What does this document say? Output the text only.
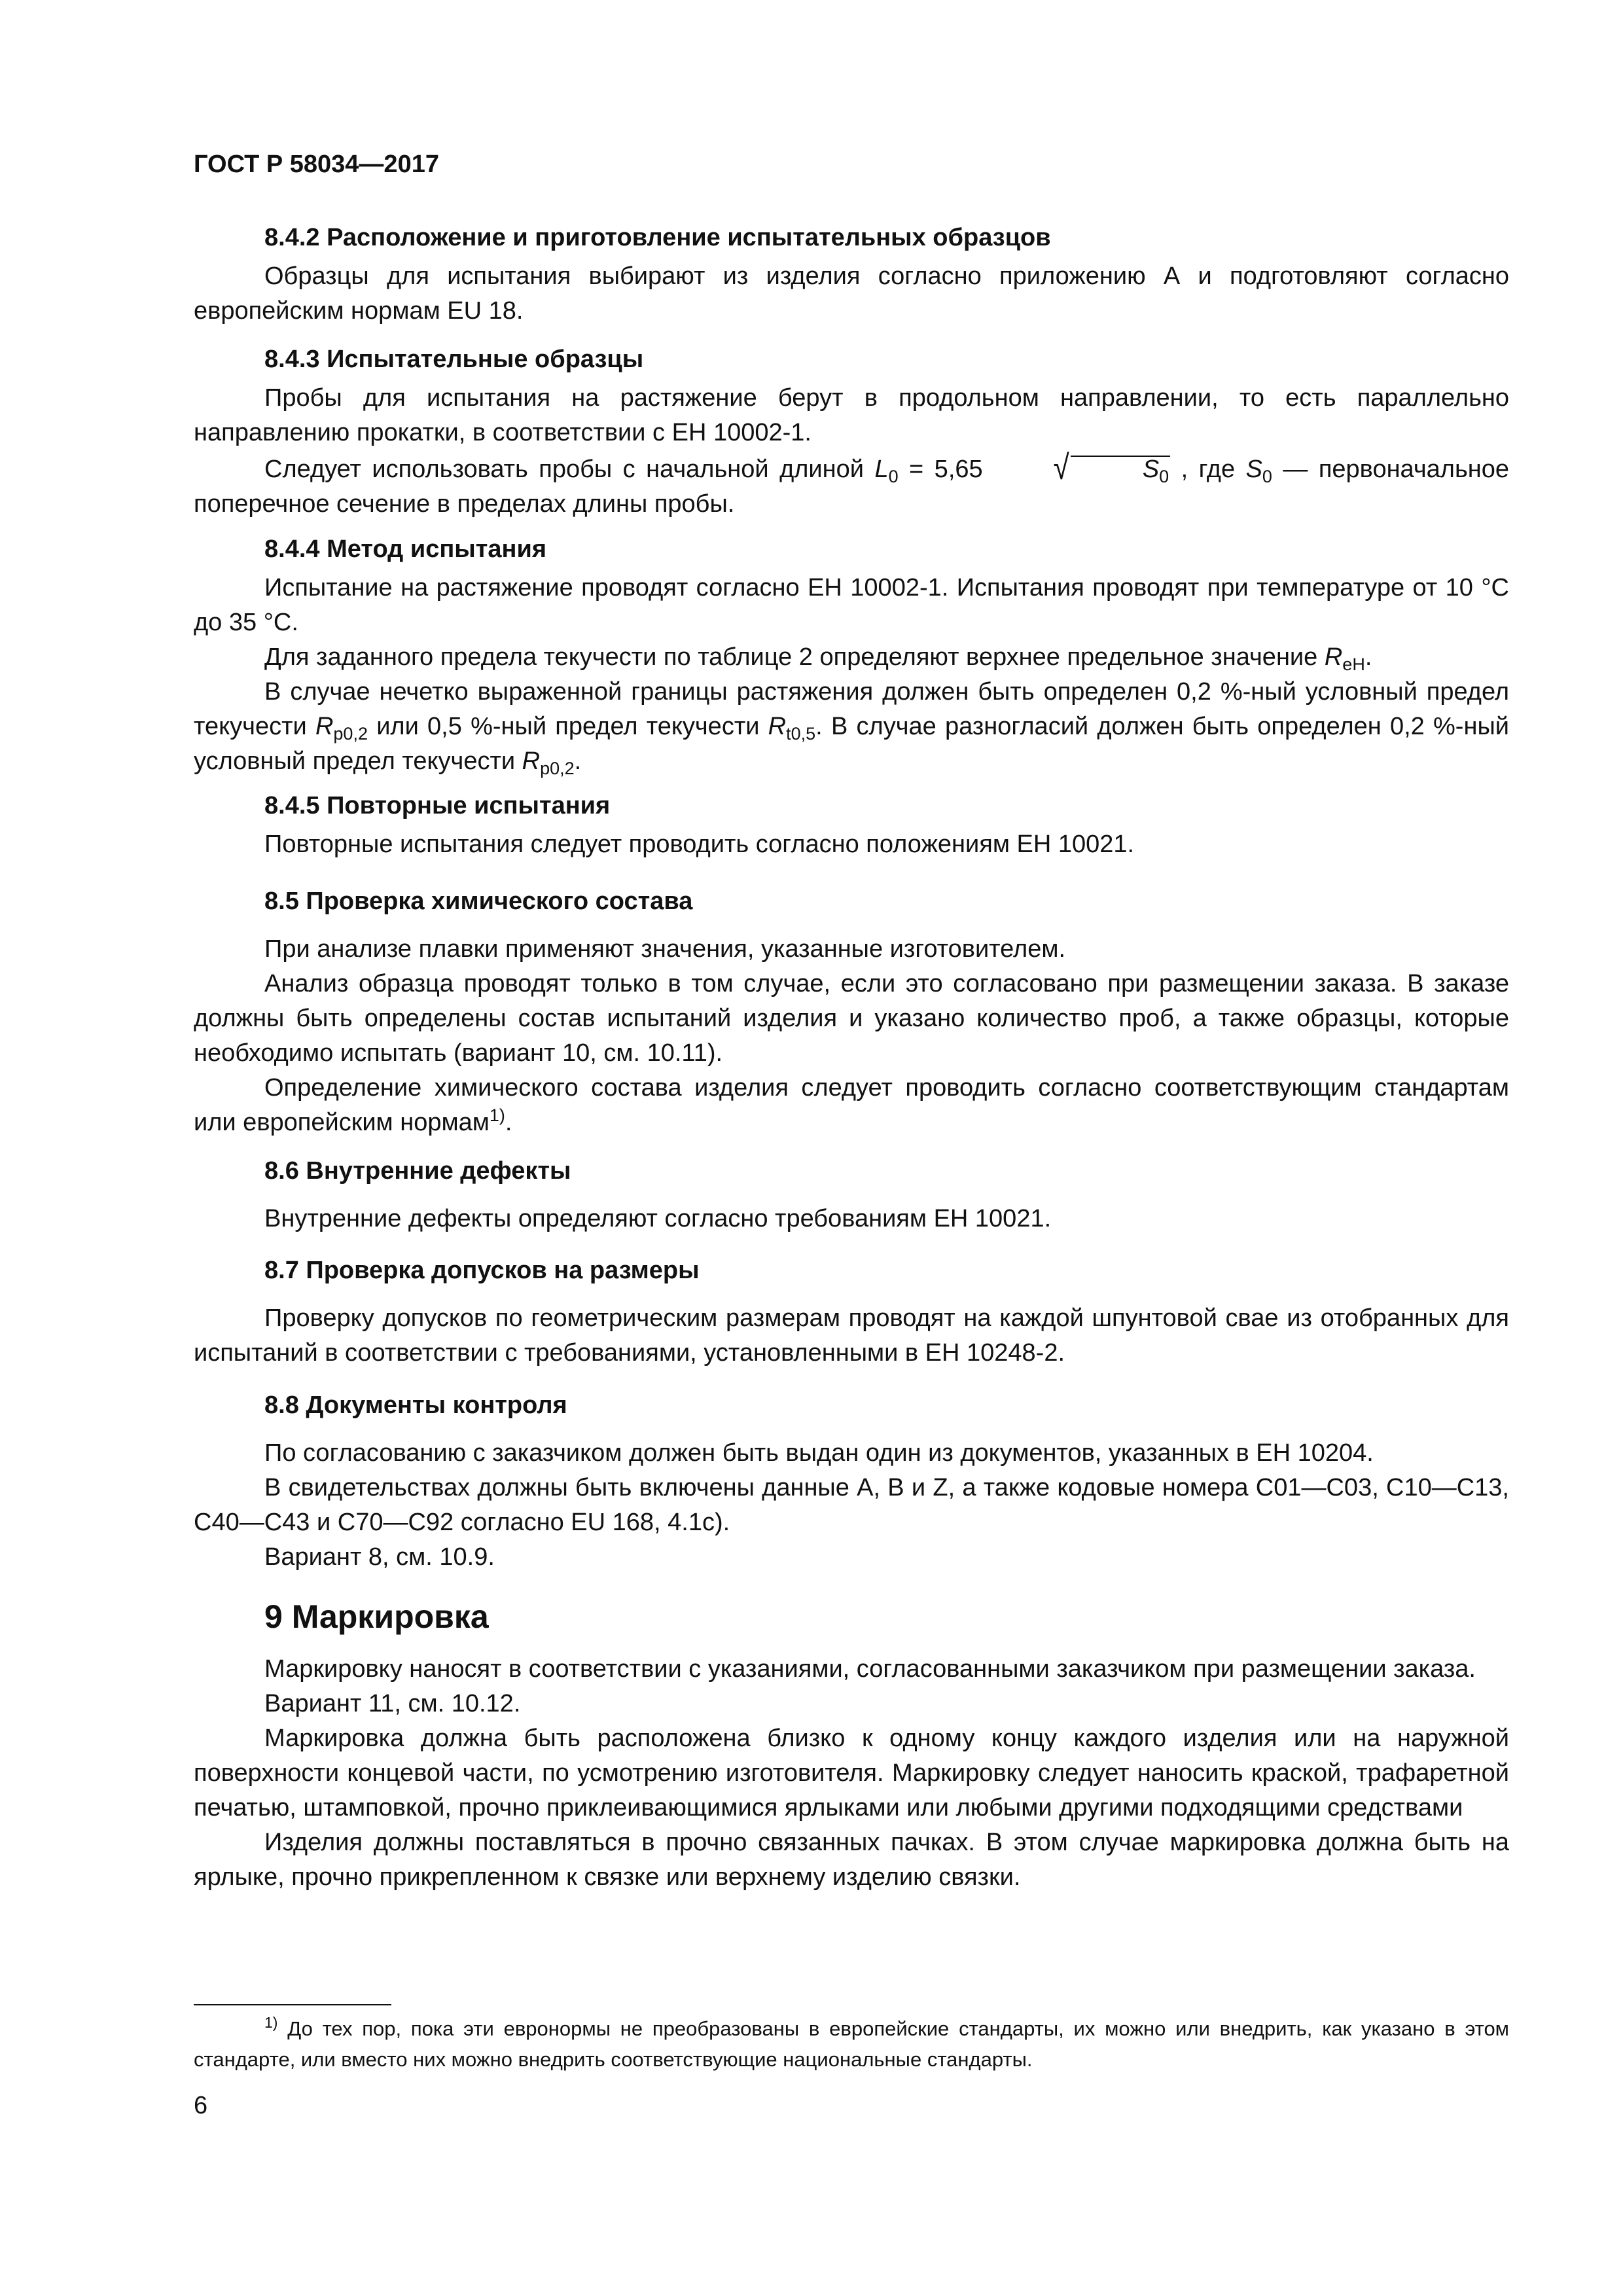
ГОСТ Р 58034—2017
8.4.2 Расположение и приготовление испытательных образцов

Образцы для испытания выбирают из изделия согласно приложению А и подготовляют согласно европейским нормам EU 18.

8.4.3 Испытательные образцы

Пробы для испытания на растяжение берут в продольном направлении, то есть параллельно направлению прокатки, в соответствии с ЕН 10002-1.

Следует использовать пробы с начальной длиной $L_0 = 5,65$ √	$S_0$ , где $S_0$ — первоначальное поперечное сечение в пределах длины пробы.

8.4.4 Метод испытания

Испытание на растяжение проводят согласно ЕН 10002-1. Испытания проводят при температуре от 10 °С до 35 °С.

Для заданного предела текучести по таблице 2 определяют верхнее предельное значение $R_{eH}$.

В случае нечетко выраженной границы растяжения должен быть определен 0,2 %-ный условный предел текучести $R_{p0,2}$ или 0,5 %-ный предел текучести $R_{t0,5}$. В случае разногласий должен быть определен 0,2 %-ный условный предел текучести $R_{p0,2}$.

8.4.5 Повторные испытания

Повторные испытания следует проводить согласно положениям ЕН 10021.

8.5 Проверка химического состава

При анализе плавки применяют значения, указанные изготовителем.

Анализ образца проводят только в том случае, если это согласовано при размещении заказа. В заказе должны быть определены состав испытаний изделия и указано количество проб, а также образцы, которые необходимо испытать (вариант 10, см. 10.11).

Определение химического состава изделия следует проводить согласно соответствующим стандартам или европейским нормам$^{1)}$.

8.6 Внутренние дефекты

Внутренние дефекты определяют согласно требованиям ЕН 10021.

8.7 Проверка допусков на размеры

Проверку допусков по геометрическим размерам проводят на каждой шпунтовой свае из отобранных для испытаний в соответствии с требованиями, установленными в ЕН 10248-2.

8.8 Документы контроля

По согласованию с заказчиком должен быть выдан один из документов, указанных в ЕН 10204.

В свидетельствах должны быть включены данные А, В и Z, а также кодовые номера С01—С03, С10—С13, С40—С43 и С70—С92 согласно EU 168, 4.1c).

Вариант 8, см. 10.9.

9 Маркировка

Маркировку наносят в соответствии с указаниями, согласованными заказчиком при размещении заказа.

Вариант 11, см. 10.12.

Маркировка должна быть расположена близко к одному концу каждого изделия или на наружной поверхности концевой части, по усмотрению изготовителя. Маркировку следует наносить краской, трафаретной печатью, штамповкой, прочно приклеивающимися ярлыками или любыми другими подходящими средствами

Изделия должны поставляться в прочно связанных пачках. В этом случае маркировка должна быть на ярлыке, прочно прикрепленном к связке или верхнему изделию связки.

$^{1)}$ До тех пор, пока эти евронормы не преобразованы в европейские стандарты, их можно или внедрить, как указано в этом стандарте, или вместо них можно внедрить соответствующие национальные стандарты.

6
